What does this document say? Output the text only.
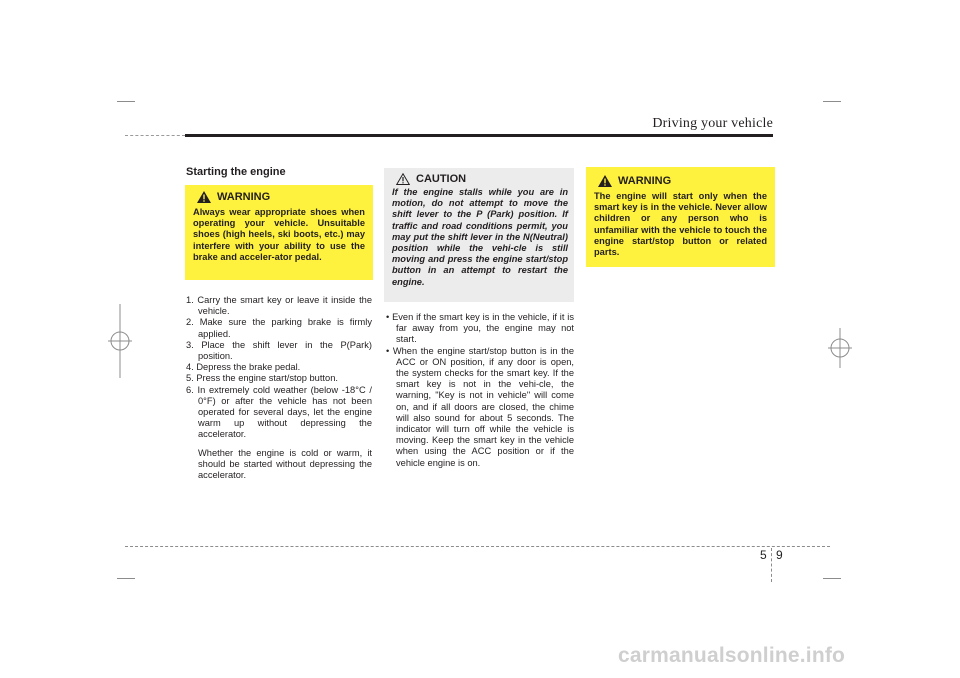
Driving your vehicle
Starting the engine
WARNING
Always wear appropriate shoes when operating your vehicle. Unsuitable shoes (high heels, ski boots, etc.) may interfere with your ability to use the brake and acceler-ator pedal.
1. Carry the smart key or leave it inside the vehicle.
2. Make sure the parking brake is firmly applied.
3. Place the shift lever in the P(Park) position.
4. Depress the brake pedal.
5. Press the engine start/stop button.
6. In extremely cold weather (below -18°C / 0°F) or after the vehicle has not been operated for several days, let the engine warm up without depressing the accelerator.
Whether the engine is cold or warm, it should be started without depressing the accelerator.
CAUTION
If the engine stalls while you are in motion, do not attempt to move the shift lever to the P (Park) position. If traffic and road conditions permit, you may put the shift lever in the N(Neutral) position while the vehi-cle is still moving and press the engine start/stop button in an attempt to restart the engine.
• Even if the smart key is in the vehicle, if it is far away from you, the engine may not start.
• When the engine start/stop button is in the ACC or ON position, if any door is open, the system checks for the smart key. If the smart key is not in the vehi-cle, the warning, "Key is not in vehicle" will come on, and if all doors are closed, the chime will also sound for about 5 seconds. The indicator will turn off while the vehicle is moving. Keep the smart key in the vehicle when using the ACC position or if the vehicle engine is on.
WARNING
The engine will start only when the smart key is in the vehicle. Never allow children or any person who is unfamiliar with the vehicle to touch the engine start/stop button or related parts.
5 9
carmanualsonline.info
